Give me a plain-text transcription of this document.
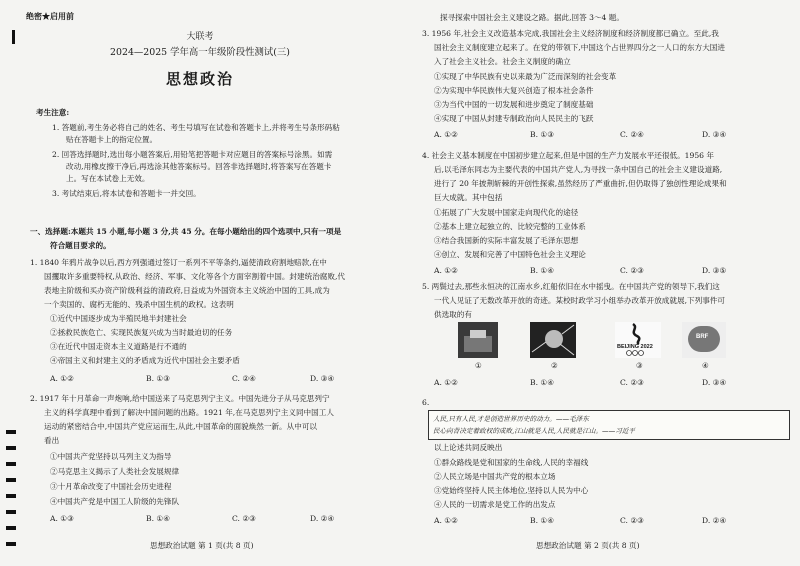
绝密★启用前
大联考
2024—2025 学年高一年级阶段性测试(三)
思想政治
考生注意:
1. 答题前,考生务必将自己的姓名、考生号填写在试卷和答题卡上,并将考生号条形码粘
贴在答题卡上的指定位置。
2. 回答选择题时,选出每小题答案后,用铅笔把答题卡对应题目的答案标号涂黑。如需
改动,用橡皮擦干净后,再选涂其他答案标号。回答非选择题时,将答案写在答题卡
上。写在本试卷上无效。
3. 考试结束后,将本试卷和答题卡一并交回。
一、选择题:本题共 15 小题,每小题 3 分,共 45 分。在每小题给出的四个选项中,只有一项是
符合题目要求的。
1. 1840 年鸦片战争以后,西方列强通过签订一系列不平等条约,逼使清政府割地赔款,在中
国攫取许多重要特权,从政治、经济、军事、文化等各个方面宰割着中国。封建统治腐败,代
表地主阶级和买办资产阶级利益的清政府,日益成为外国资本主义统治中国的工具,成为
一个卖国的、腐朽无能的、残杀中国生机的政权。这表明
①近代中国逐步成为半殖民地半封建社会
②拯救民族危亡、实现民族复兴成为当时最迫切的任务
③在近代中国走资本主义道路是行不通的
④帝国主义和封建主义的矛盾成为近代中国社会主要矛盾
A. ①②	B. ①③	C. ②④	D. ③④
2. 1917 年十月革命一声炮响,给中国送来了马克思列宁主义。中国先进分子从马克思列宁
主义的科学真理中看到了解决中国问题的出路。1921 年,在马克思列宁主义同中国工人
运动的紧密结合中,中国共产党应运而生,从此,中国革命的面貌焕然一新。从中可以
看出
①中国共产党坚持以马列主义为指导
②马克思主义揭示了人类社会发展规律
③十月革命改变了中国社会历史进程
④中国共产党是中国工人阶级的先锋队
A. ①③	B. ①④	C. ②③	D. ②④
思想政治试题 第 1 页(共 8 页)
探寻探索中国社会主义建设之路。据此,回答 3～4 题。
3. 1956 年,社会主义改造基本完成,我国社会主义经济制度和经济制度都已确立。至此,我
国社会主义制度建立起来了。在党的带领下,中国这个占世界四分之一人口的东方大国进
入了社会主义社会。社会主义制度的确立
①实现了中华民族有史以来最为广泛而深刻的社会变革
②为实现中华民族伟大复兴创造了根本社会条件
③为当代中国的一切发展和进步奠定了制度基础
④实现了中国从封建专制政治向人民民主的飞跃
A. ①②	B. ①③	C. ②④	D. ③④
4. 社会主义基本制度在中国初步建立起来,但是中国的生产力发展水平还很低。1956 年
后,以毛泽东同志为主要代表的中国共产党人,为寻找一条中国自己的社会主义建设道路,
进行了 20 年披荆斩棘的开创性探索,虽然经历了严重曲折,但仍取得了独创性理论成果和
巨大成就。其中包括
①拓展了广大发展中国家走向现代化的途径
②基本上建立起独立的、比较完整的工业体系
③结合我国新的实际丰富发展了毛泽东思想
④创立、发展和完善了中国特色社会主义理论
A. ①②	B. ①④	C. ②③	D. ③⑤
5. 两鬓过去,那些永恒决的江南水乡,红船依旧在水中摇曳。在中国共产党的领导下,我们这
一代人见证了无数改革开放的奇迹。某校时政学习小组举办改革开放成就展,下列事件可
供选取的有
①	②
BEIJING 2022
③
BRF
④
A. ①②	B. ①④	C. ②③	D. ③④
6.
人民,只有人民,才是创造世界历史的动力。——毛泽东
民心向背决定着政权的成败,江山就是人民,人民就是江山。——习近平
以上论述共同反映出
①群众路线是党和国家的生命线,人民的幸福线
②人民立场是中国共产党的根本立场
③党始终坚持人民主体地位,坚持以人民为中心
④人民的一切需求是党工作的出发点
A. ①②	B. ①④	C. ②③	D. ②④
思想政治试题 第 2 页(共 8 页)
